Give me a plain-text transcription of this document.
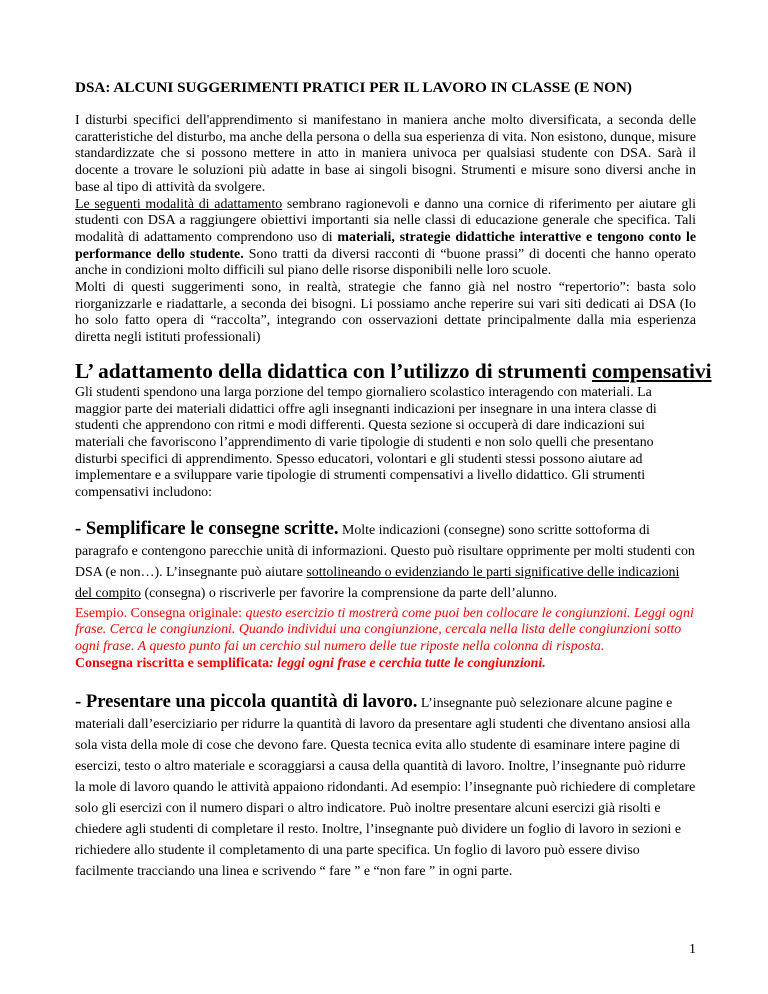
DSA: ALCUNI SUGGERIMENTI PRATICI PER IL LAVORO IN CLASSE (E NON)

I disturbi specifici dell'apprendimento si manifestano in maniera anche molto diversificata, a seconda delle caratteristiche del disturbo, ma anche della persona o della sua esperienza di vita. Non esistono, dunque, misure standardizzate che si possono mettere in atto in maniera univoca per qualsiasi studente con DSA. Sarà il docente a trovare le soluzioni più adatte in base ai singoli bisogni. Strumenti e misure sono diversi anche in base al tipo di attività da svolgere.

Le seguenti modalità di adattamento sembrano ragionevoli e danno una cornice di riferimento per aiutare gli studenti con DSA a raggiungere obiettivi importanti sia nelle classi di educazione generale che specifica. Tali modalità di adattamento comprendono uso di materiali, strategie didattiche interattive e tengono conto le performance dello studente. Sono tratti da diversi racconti di “buone prassi” di docenti che hanno operato anche in condizioni molto difficili sul piano delle risorse disponibili nelle loro scuole.

Molti di questi suggerimenti sono, in realtà, strategie che fanno già nel nostro “repertorio”: basta solo riorganizzarle e riadattarle, a seconda dei bisogni. Li possiamo anche reperire sui vari siti dedicati ai DSA (Io ho solo fatto opera di “raccolta”, integrando con osservazioni dettate principalmente dalla mia esperienza diretta negli istituti professionali)

L’ adattamento della didattica con l’utilizzo di strumenti compensativi

Gli studenti spendono una larga porzione del tempo giornaliero scolastico interagendo con materiali. La maggior parte dei materiali didattici offre agli insegnanti indicazioni per insegnare in una intera classe di studenti che apprendono con ritmi e modi differenti. Questa sezione si occuperà di dare indicazioni sui materiali che favoriscono l’apprendimento di varie tipologie di studenti e non solo quelli che presentano disturbi specifici di apprendimento. Spesso educatori, volontari e gli studenti stessi possono aiutare ad implementare e a sviluppare varie tipologie di strumenti compensativi a livello didattico. Gli strumenti compensativi includono:

- Semplificare le consegne scritte. Molte indicazioni (consegne) sono scritte sottoforma di paragrafo e contengono parecchie unità di informazioni. Questo può risultare opprimente per molti studenti con DSA (e non…). L’insegnante può aiutare sottolineando o evidenziando le parti significative delle indicazioni del compito (consegna) o riscriverle per favorire la comprensione da parte dell’alunno.

Esempio. Consegna originale: questo esercizio ti mostrerà come puoi ben collocare le congiunzioni. Leggi ogni frase. Cerca le congiunzioni. Quando individui una congiunzione, cercala nella lista delle congiunzioni sotto ogni frase. A questo punto fai un cerchio sul numero delle tue riposte nella colonna di risposta.

Consegna riscritta e semplificata: leggi ogni frase e cerchia tutte le congiunzioni.

- Presentare una piccola quantità di lavoro. L’insegnante può selezionare alcune pagine e materiali dall’eserciziario per ridurre la quantità di lavoro da presentare agli studenti che diventano ansiosi alla sola vista della mole di cose che devono fare. Questa tecnica evita allo studente di esaminare intere pagine di esercizi, testo o altro materiale e scoraggiarsi a causa della quantità di lavoro. Inoltre, l’insegnante può ridurre la mole di lavoro quando le attività appaiono ridondanti. Ad esempio: l’insegnante può richiedere di completare solo gli esercizi con il numero dispari o altro indicatore. Può inoltre presentare alcuni esercizi già risolti e chiedere agli studenti di completare il resto. Inoltre, l’insegnante può dividere un foglio di lavoro in sezioni e richiedere allo studente il completamento di una parte specifica. Un foglio di lavoro può essere diviso facilmente tracciando una linea e scrivendo “ fare ” e “non fare ” in ogni parte.
1
